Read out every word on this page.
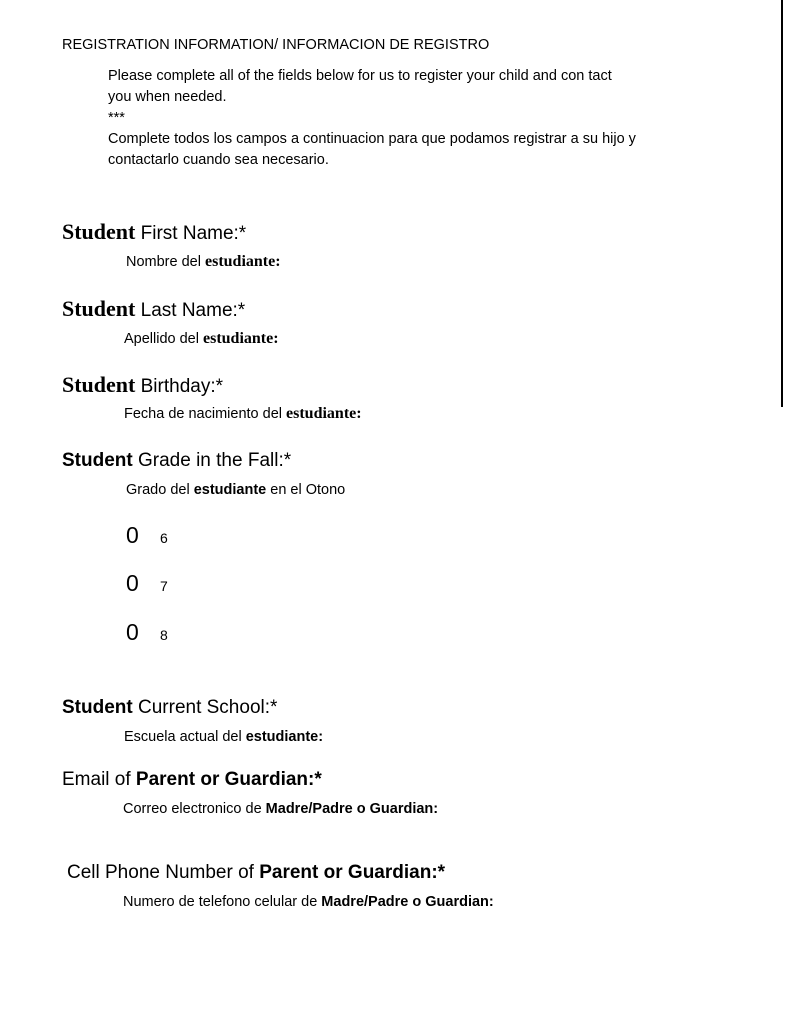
REGISTRATION INFORMATION/ INFORMACION DE REGISTRO
Please complete all of the fields below for us to register your child and con tact
you when needed.
***
Complete todos los campos a continuacion para que podamos registrar a su hijo y
contactarlo cuando sea necesario.
Student First Name:*
Nombre del estudiante:
Student Last Name:*
Apellido del estudiante:
Student Birthday:*
Fecha de nacimiento del estudiante:
Student Grade in the Fall:*
Grado del estudiante en el Otono
0 6
0 7
0 8
Student Current School:*
Escuela actual del estudiante:
Email of Parent or Guardian:*
Correo electronico de Madre/Padre o Guardian:
Cell Phone Number of Parent or Guardian:*
Numero de telefono celular de Madre/Padre o Guardian:
